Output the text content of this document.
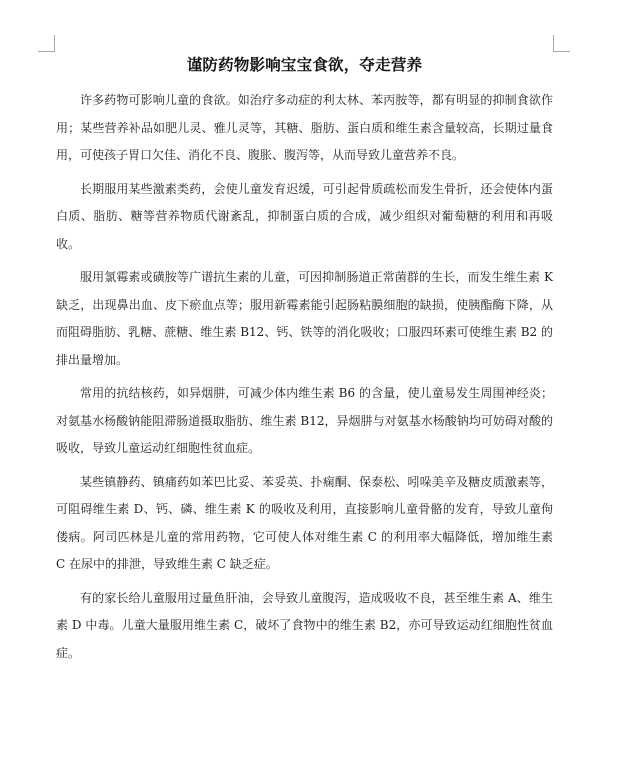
谨防药物影响宝宝食欲，夺走营养

许多药物可影响儿童的食欲。如治疗多动症的利太林、苯丙胺等，都有明显的抑制食欲作用；某些营养补品如肥儿灵、雅儿灵等，其糖、脂肪、蛋白质和维生素含量较高，长期过量食用，可使孩子胃口欠佳、消化不良、腹胀、腹泻等，从而导致儿童营养不良。

长期服用某些激素类药，会使儿童发育迟缓，可引起骨质疏松而发生骨折，还会使体内蛋白质、脂肪、糖等营养物质代谢紊乱，抑制蛋白质的合成，减少组织对葡萄糖的利用和再吸收。

服用氯霉素或磺胺等广谱抗生素的儿童，可因抑制肠道正常菌群的生长，而发生维生素 K 缺乏，出现鼻出血、皮下瘀血点等；服用新霉素能引起肠粘膜细胞的缺损，使胰酯酶下降，从而阻碍脂肪、乳糖、蔗糖、维生素 B12、钙、铁等的消化吸收；口服四环素可使维生素 B2 的排出量增加。

常用的抗结核药，如异烟肼，可减少体内维生素 B6 的含量，使儿童易发生周围神经炎；对氨基水杨酸钠能阻滞肠道摄取脂肪、维生素 B12，异烟肼与对氨基水杨酸钠均可妨碍对酸的吸收，导致儿童运动红细胞性贫血症。

某些镇静药、镇痛药如苯巴比妥、苯妥英、扑痫酮、保泰松、吲哚美辛及糖皮质激素等，可阻碍维生素 D、钙、磷、维生素 K 的吸收及利用，直接影响儿童骨骼的发育，导致儿童佝偻病。阿司匹林是儿童的常用药物，它可使人体对维生素 C 的利用率大幅降低，增加维生素 C 在尿中的排泄，导致维生素 C 缺乏症。

有的家长给儿童服用过量鱼肝油，会导致儿童腹泻，造成吸收不良，甚至维生素 A、维生素 D 中毒。儿童大量服用维生素 C，破坏了食物中的维生素 B2，亦可导致运动红细胞性贫血症。
